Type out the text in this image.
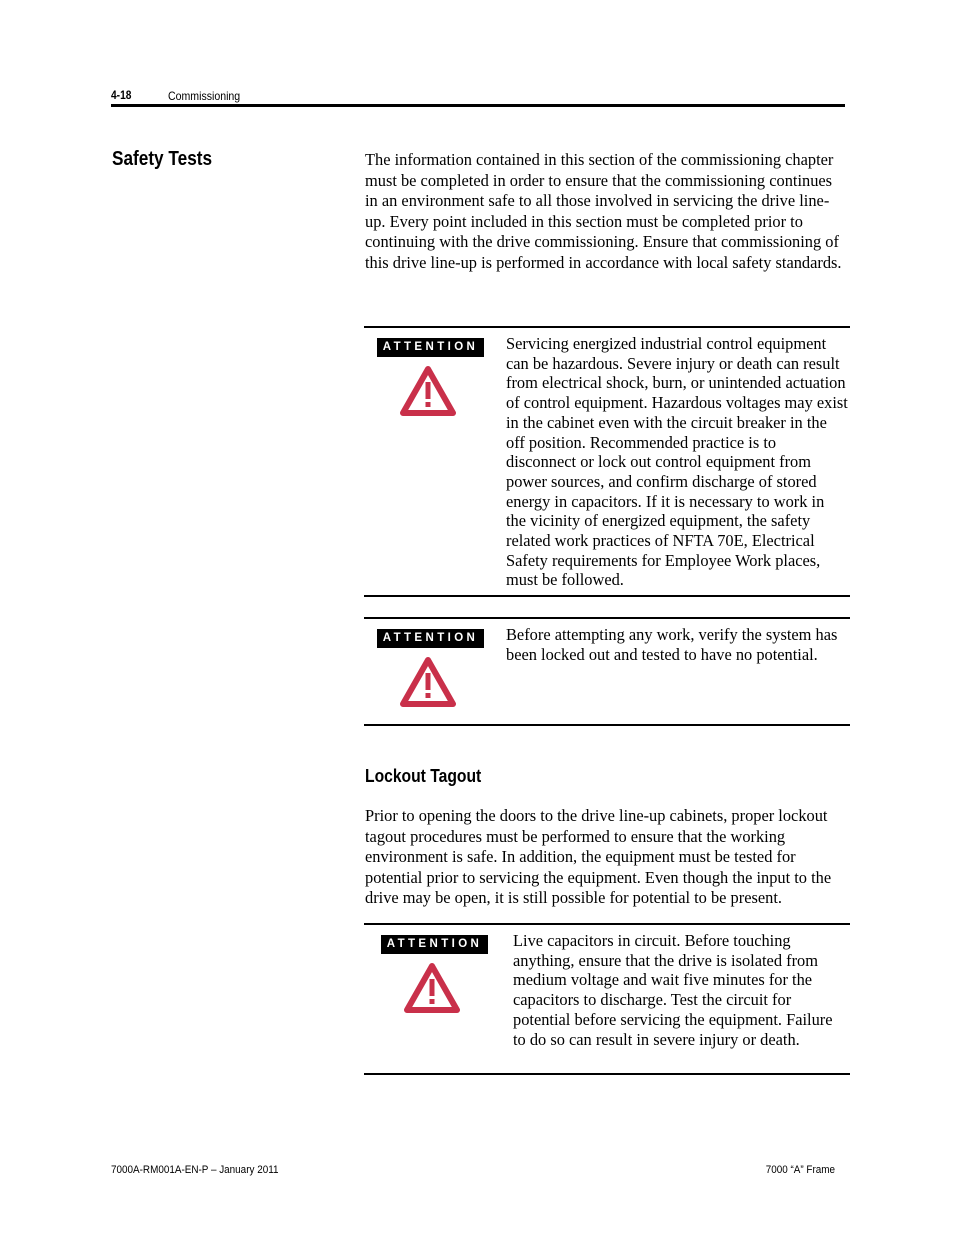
4-18	Commissioning
Safety Tests	The information contained in this section of the commissioning chapter must be completed in order to ensure that the commissioning continues in an environment safe to all those involved in servicing the drive line-up. Every point included in this section must be completed prior to continuing with the drive commissioning. Ensure that commissioning of this drive line-up is performed in accordance with local safety standards.
ATTENTION	Servicing energized industrial control equipment can be hazardous. Severe injury or death can result from electrical shock, burn, or unintended actuation of control equipment. Hazardous voltages may exist in the cabinet even with the circuit breaker in the off position. Recommended practice is to disconnect or lock out control equipment from power sources, and confirm discharge of stored energy in capacitors. If it is necessary to work in the vicinity of energized equipment, the safety related work practices of NFTA 70E, Electrical Safety requirements for Employee Work places, must be followed.
ATTENTION	Before attempting any work, verify the system has been locked out and tested to have no potential.
Lockout Tagout
Prior to opening the doors to the drive line-up cabinets, proper lockout tagout procedures must be performed to ensure that the working environment is safe. In addition, the equipment must be tested for potential prior to servicing the equipment. Even though the input to the drive may be open, it is still possible for potential to be present.
ATTENTION	Live capacitors in circuit. Before touching anything, ensure that the drive is isolated from medium voltage and wait five minutes for the capacitors to discharge. Test the circuit for potential before servicing the equipment. Failure to do so can result in severe injury or death.
7000A-RM001A-EN-P – January 2011	7000 “A” Frame
